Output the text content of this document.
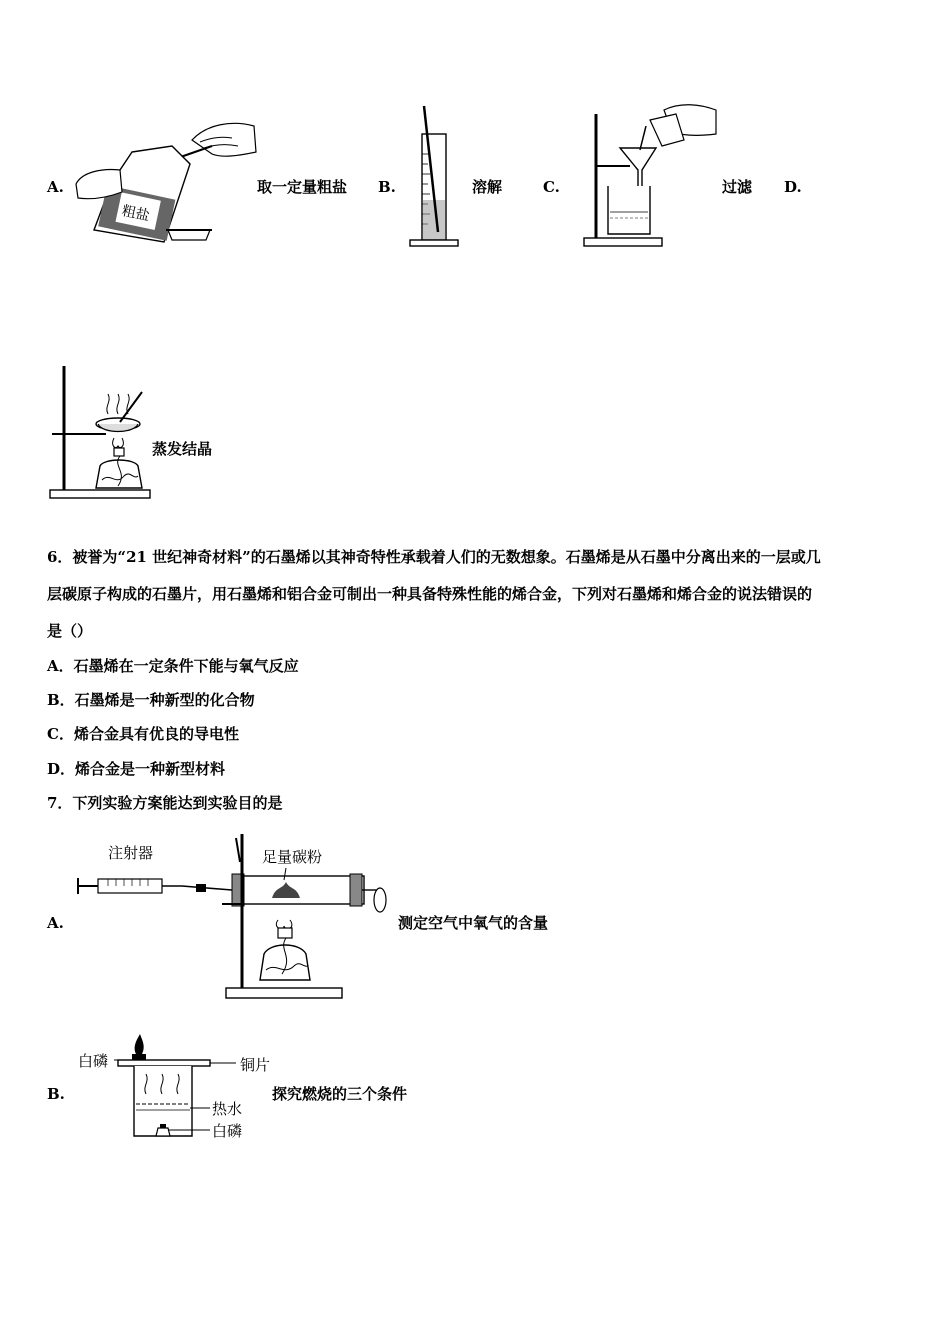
A.
粗盐
取一定量粗盐 B.	溶解	C.	过滤 D.
蒸发结晶
6．被誉为“21 世纪神奇材料”的石墨烯以其神奇特性承载着人们的无数想象。石墨烯是从石墨中分离出来的一层或几
层碳原子构成的石墨片，用石墨烯和铝合金可制出一种具备特殊性能的烯合金，下列对石墨烯和烯合金的说法错误的
是（）
A．石墨烯在一定条件下能与氧气反应
B．石墨烯是一种新型的化合物
C．烯合金具有优良的导电性
D．烯合金是一种新型材料
7．下列实验方案能达到实验目的是
A.
注射器	足量碳粉
测定空气中氧气的含量
B.
白磷	铜片
热水
白磷
探究燃烧的三个条件
